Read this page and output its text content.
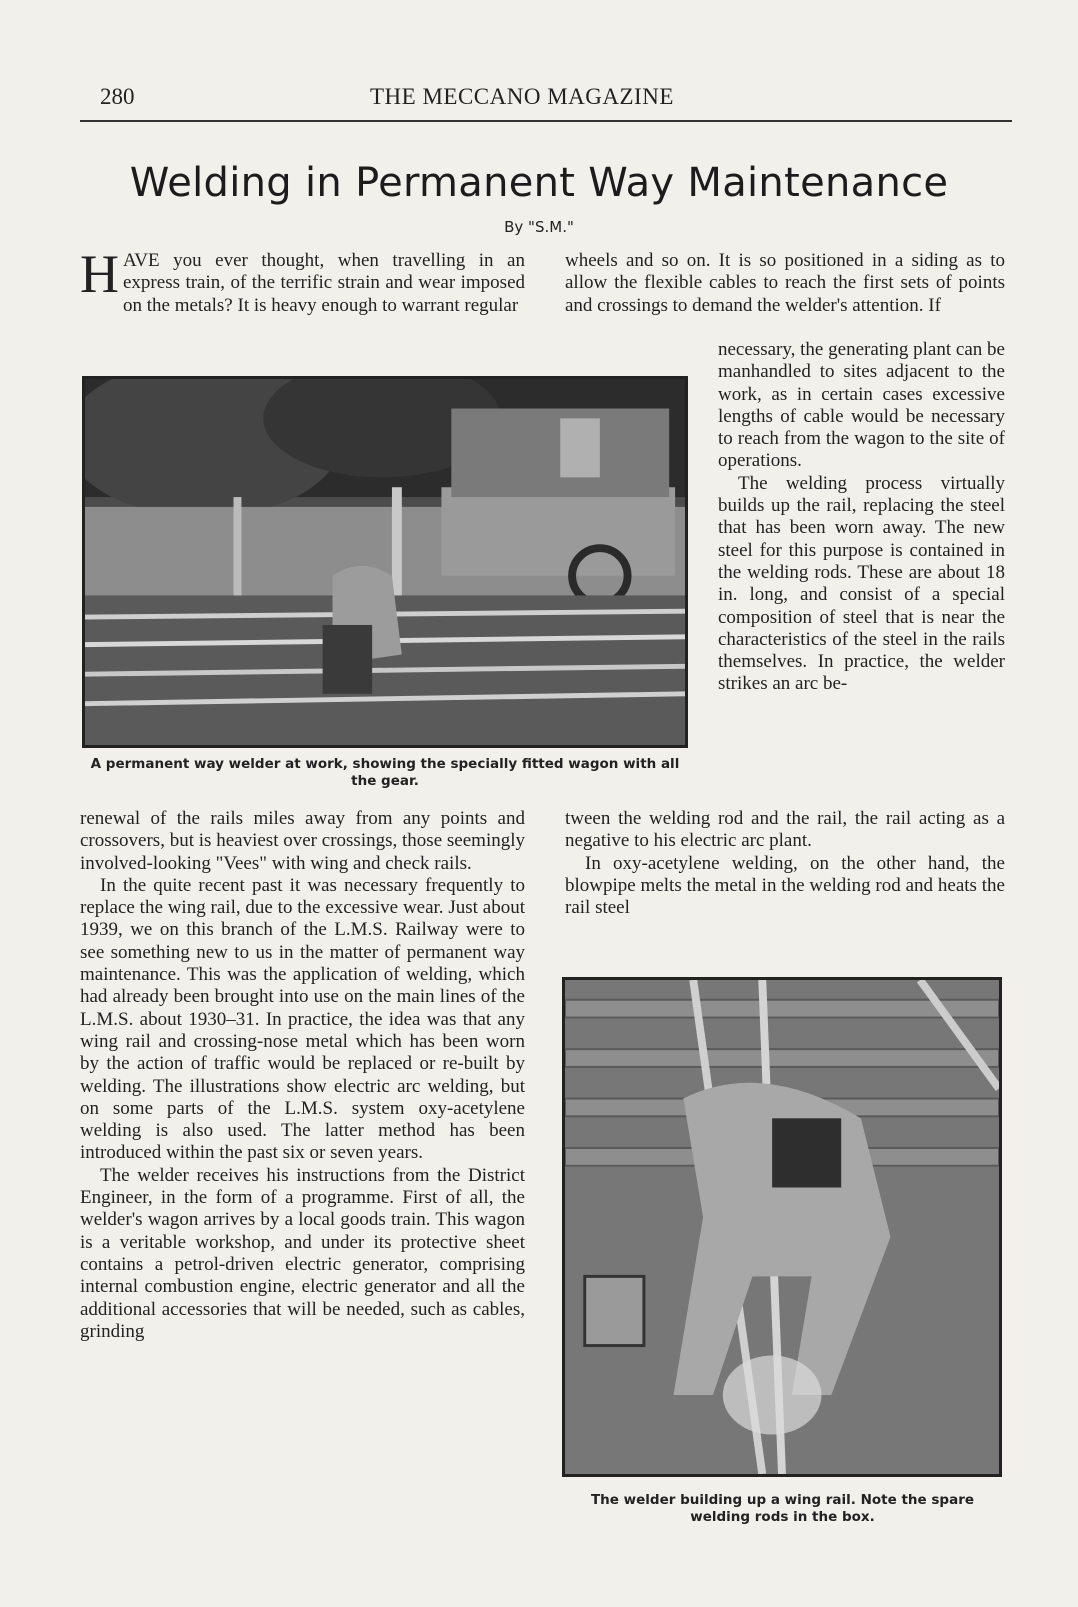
280	THE MECCANO MAGAZINE
Welding in Permanent Way Maintenance
By "S.M."

H AVE you ever thought, when travelling in an express train, of the terrific strain and wear imposed on the metals? It is heavy enough to warrant regular

wheels and so on. It is so positioned in a siding as to allow the flexible cables to reach the first sets of points and crossings to demand the welder's attention. If

necessary, the generating plant can be manhandled to sites adjacent to the work, as in certain cases excessive lengths of cable would be necessary to reach from the wagon to the site of operations.

The welding process virtually builds up the rail, replacing the steel that has been worn away. The new steel for this purpose is contained in the welding rods. These are about 18 in. long, and consist of a special composition of steel that is near the characteristics of the steel in the rails themselves. In practice, the welder strikes an arc be-

A permanent way welder at work, showing the specially fitted wagon with all the gear.

renewal of the rails miles away from any points and crossovers, but is heaviest over crossings, those seemingly involved-looking "Vees" with wing and check rails.

In the quite recent past it was necessary frequently to replace the wing rail, due to the excessive wear. Just about 1939, we on this branch of the L.M.S. Railway were to see something new to us in the matter of permanent way maintenance. This was the application of welding, which had already been brought into use on the main lines of the L.M.S. about 1930–31. In practice, the idea was that any wing rail and crossing-nose metal which has been worn by the action of traffic would be replaced or re-built by welding. The illustrations show electric arc welding, but on some parts of the L.M.S. system oxy-acetylene welding is also used. The latter method has been introduced within the past six or seven years.

The welder receives his instructions from the District Engineer, in the form of a programme. First of all, the welder's wagon arrives by a local goods train. This wagon is a veritable workshop, and under its protective sheet contains a petrol-driven electric generator, comprising internal combustion engine, electric generator and all the additional accessories that will be needed, such as cables, grinding

tween the welding rod and the rail, the rail acting as a negative to his electric arc plant.

In oxy-acetylene welding, on the other hand, the blowpipe melts the metal in the welding rod and heats the rail steel

The welder building up a wing rail. Note the spare welding rods in the box.
